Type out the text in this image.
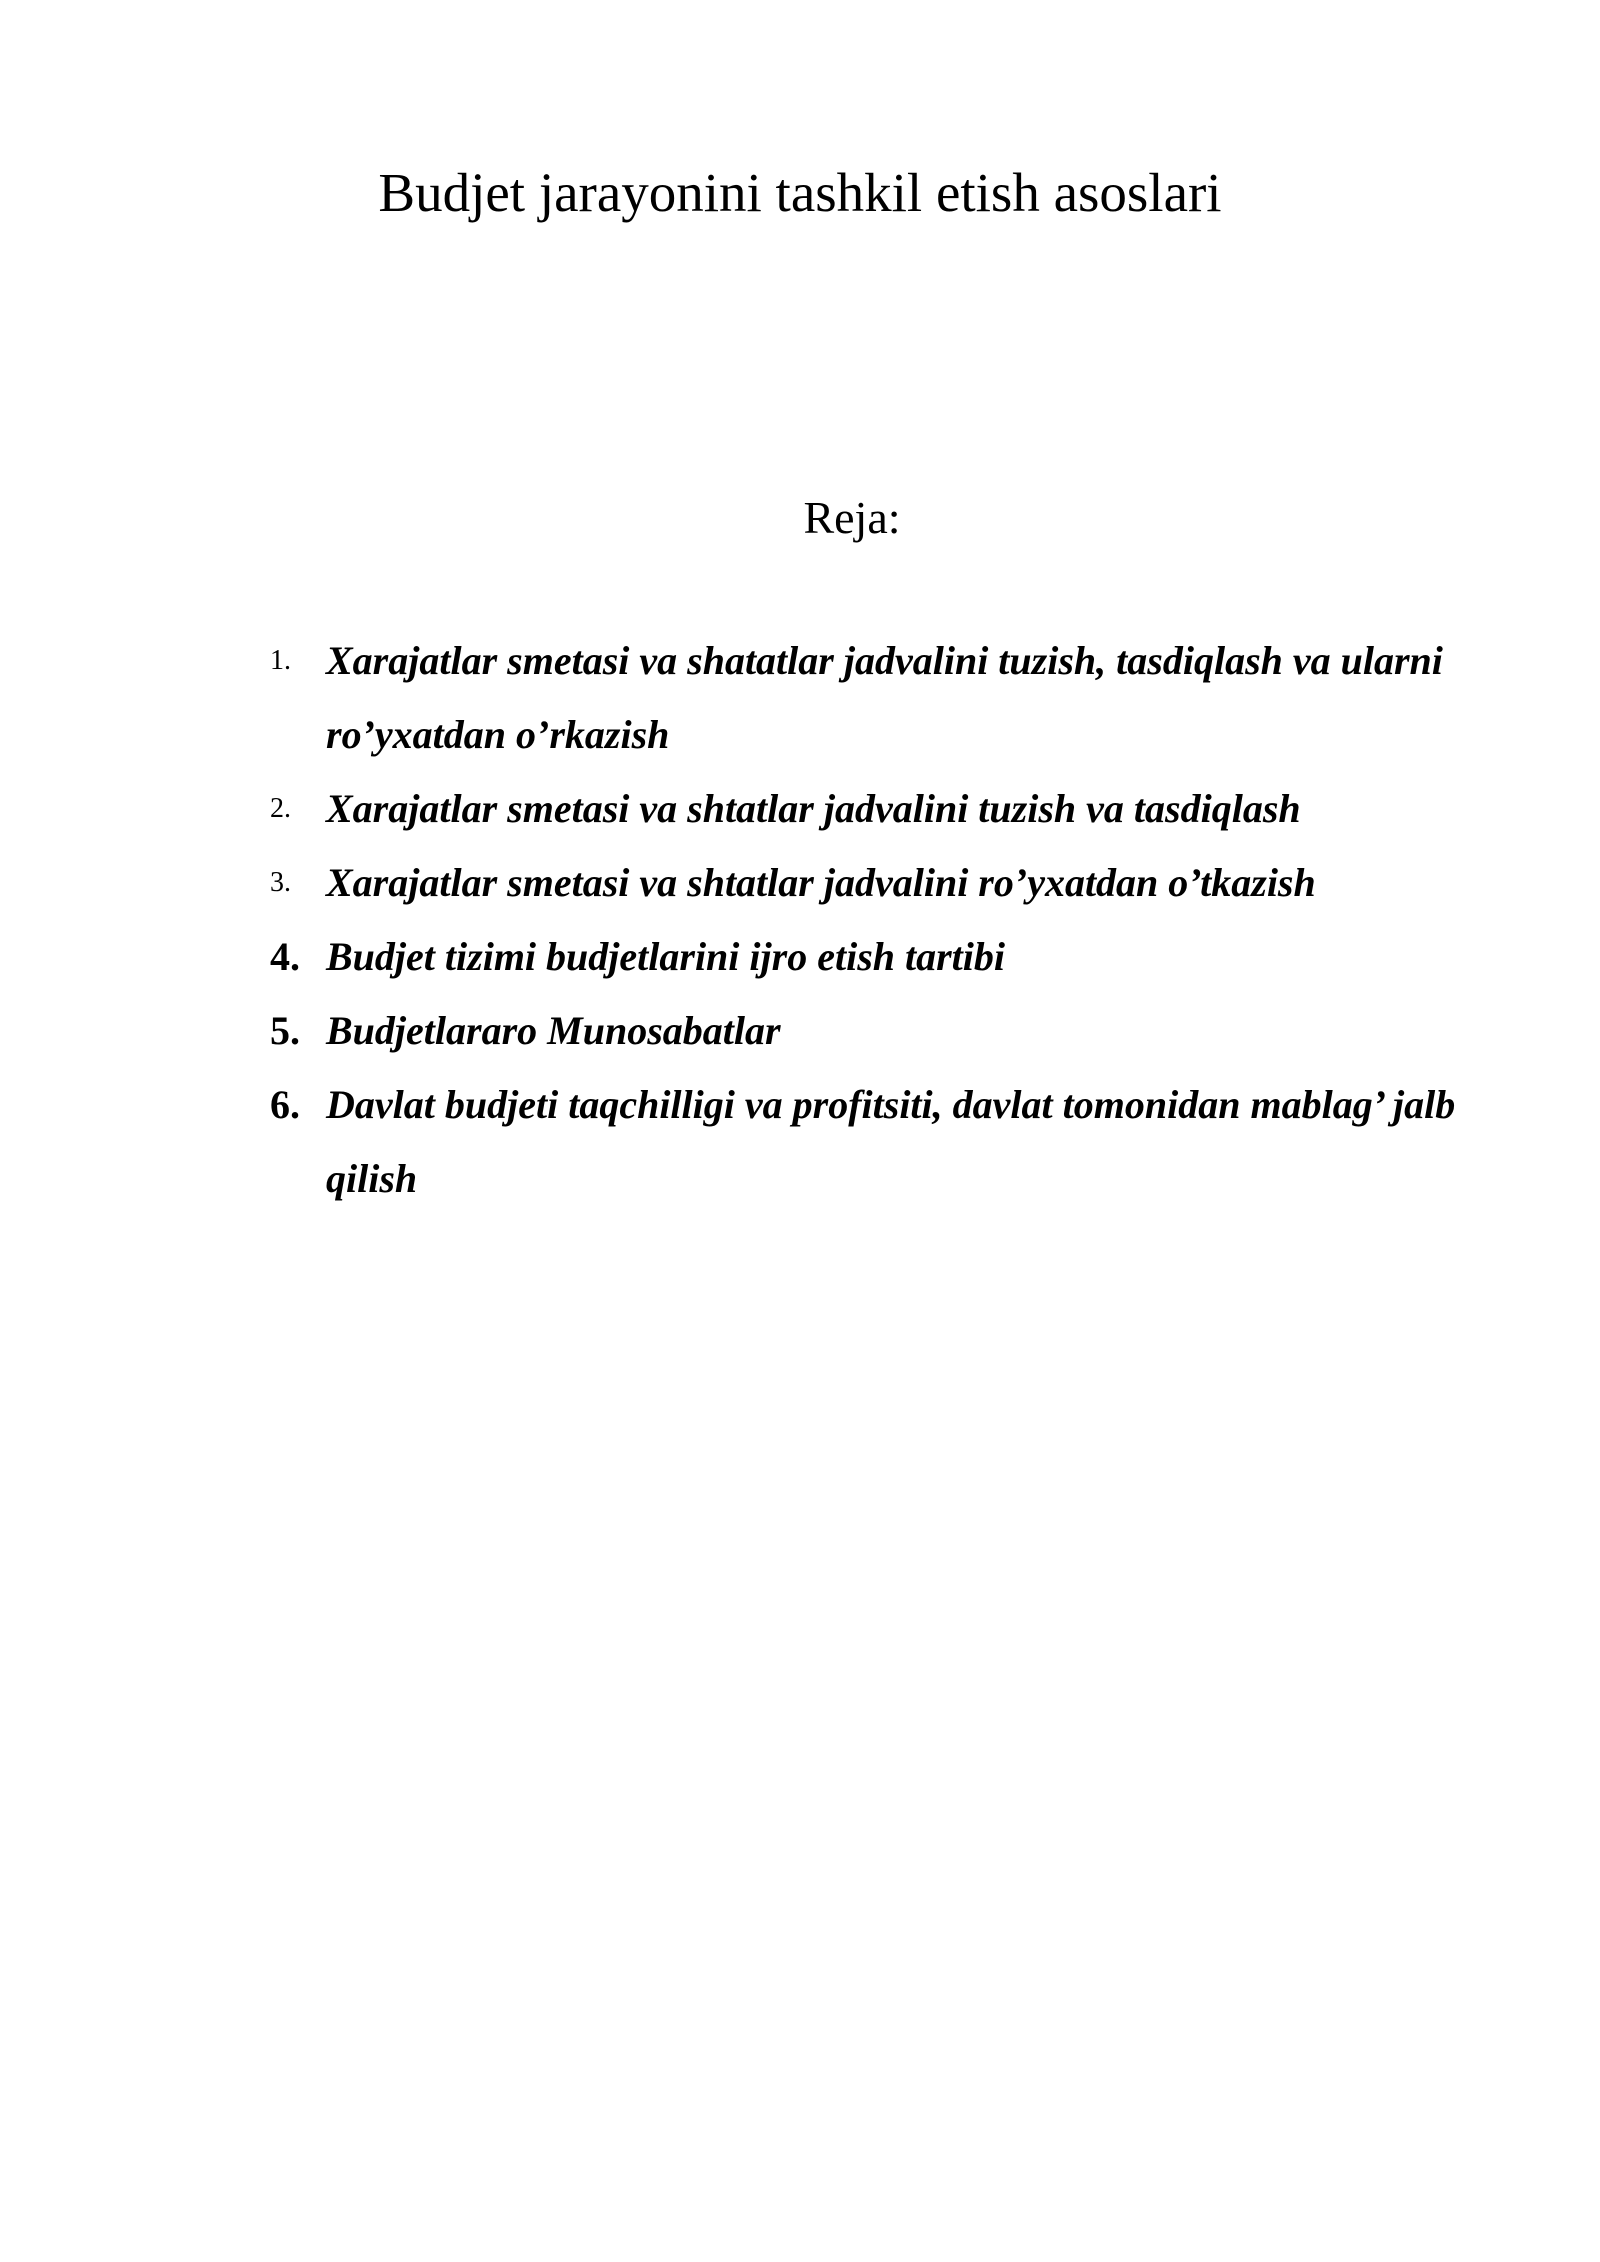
Budjet jarayonini tashkil etish asoslari
Reja:
1. Xarajatlar smetasi va shatatlar jadvalini tuzish, tasdiqlash va ularni ro’yxatdan o’rkazish
2. Xarajatlar smetasi va shtatlar jadvalini tuzish va tasdiqlash
3. Xarajatlar smetasi va shtatlar jadvalini ro’yxatdan o’tkazish
4. Budjet tizimi budjetlarini ijro etish tartibi
5. Budjetlararo Munosabatlar
6. Davlat budjeti taqchilligi va profitsiti, davlat tomonidan mablag’ jalb qilish
